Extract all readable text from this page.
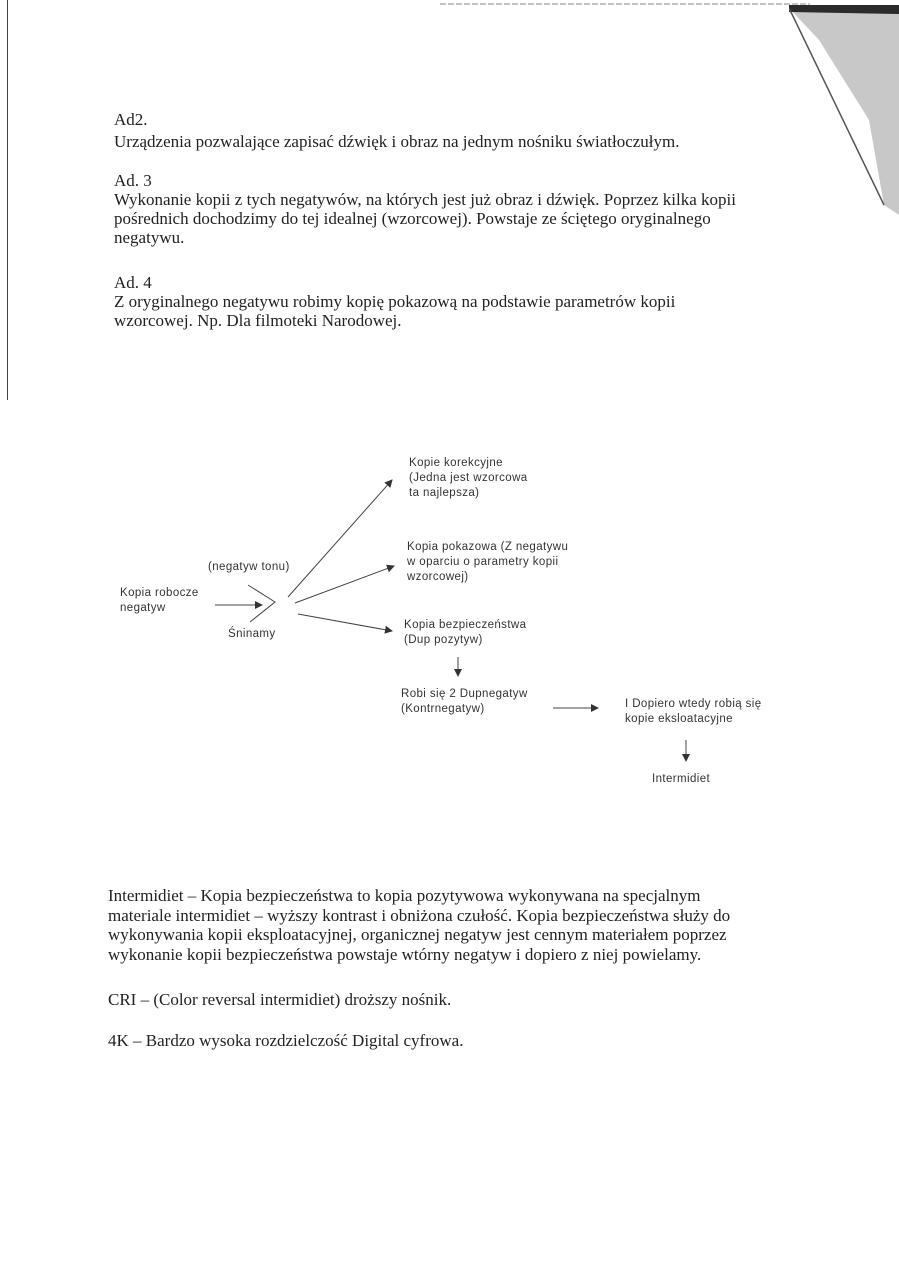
Ad2.

Urządzenia pozwalające zapisać dźwięk i obraz na jednym nośniku światłoczułym.

Ad. 3

Wykonanie kopii z tych negatywów, na których jest już obraz i dźwięk. Poprzez kilka kopii

pośrednich dochodzimy do tej idealnej (wzorcowej). Powstaje ze ściętego oryginalnego

negatywu.

Ad. 4

Z oryginalnego negatywu robimy kopię pokazową na podstawie parametrów kopii

wzorcowej. Np. Dla filmoteki Narodowej.

Kopia robocze
negatyw
(negatyw tonu)
Śninamy
Kopie korekcyjne
(Jedna jest wzorcowa
ta najlepsza)
Kopia pokazowa (Z negatywu
w oparciu o parametry kopii
wzorcowej)
Kopia bezpieczeństwa
(Dup pozytyw)
Robi się 2 Dupnegatyw
(Kontrnegatyw)	I Dopiero wtedy robią się
kopie eksloatacyjne
Intermidiet

Intermidiet – Kopia bezpieczeństwa to kopia pozytywowa wykonywana na specjalnym

materiale intermidiet – wyższy kontrast i obniżona czułość. Kopia bezpieczeństwa służy do

wykonywania kopii eksploatacyjnej, organicznej negatyw jest cennym materiałem poprzez

wykonanie kopii bezpieczeństwa powstaje wtórny negatyw i dopiero z niej powielamy.

CRI – (Color reversal intermidiet) droższy nośnik.

4K – Bardzo wysoka rozdzielczość Digital cyfrowa.
